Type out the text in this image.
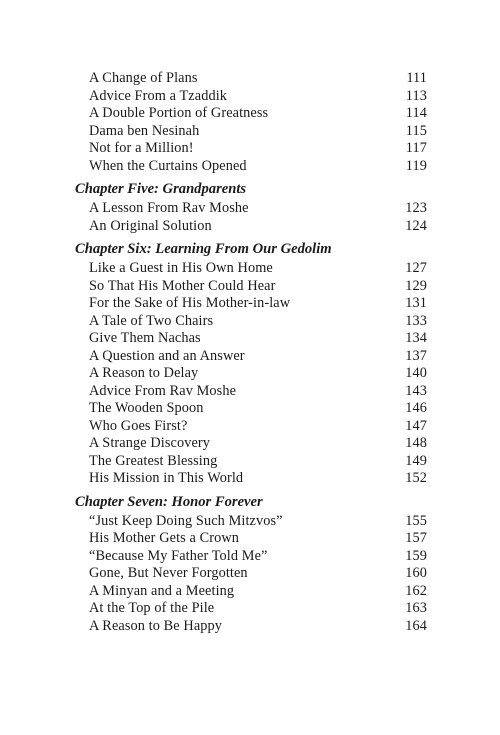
A Change of Plans	111
Advice From a Tzaddik	113
A Double Portion of Greatness	114
Dama ben Nesinah	115
Not for a Million!	117
When the Curtains Opened	119
Chapter Five: Grandparents
A Lesson From Rav Moshe	123
An Original Solution	124
Chapter Six: Learning From Our Gedolim
Like a Guest in His Own Home	127
So That His Mother Could Hear	129
For the Sake of His Mother-in-law	131
A Tale of Two Chairs	133
Give Them Nachas	134
A Question and an Answer	137
A Reason to Delay	140
Advice From Rav Moshe	143
The Wooden Spoon	146
Who Goes First?	147
A Strange Discovery	148
The Greatest Blessing	149
His Mission in This World	152
Chapter Seven: Honor Forever
“Just Keep Doing Such Mitzvos”	155
His Mother Gets a Crown	157
“Because My Father Told Me”	159
Gone, But Never Forgotten	160
A Minyan and a Meeting	162
At the Top of the Pile	163
A Reason to Be Happy	164
